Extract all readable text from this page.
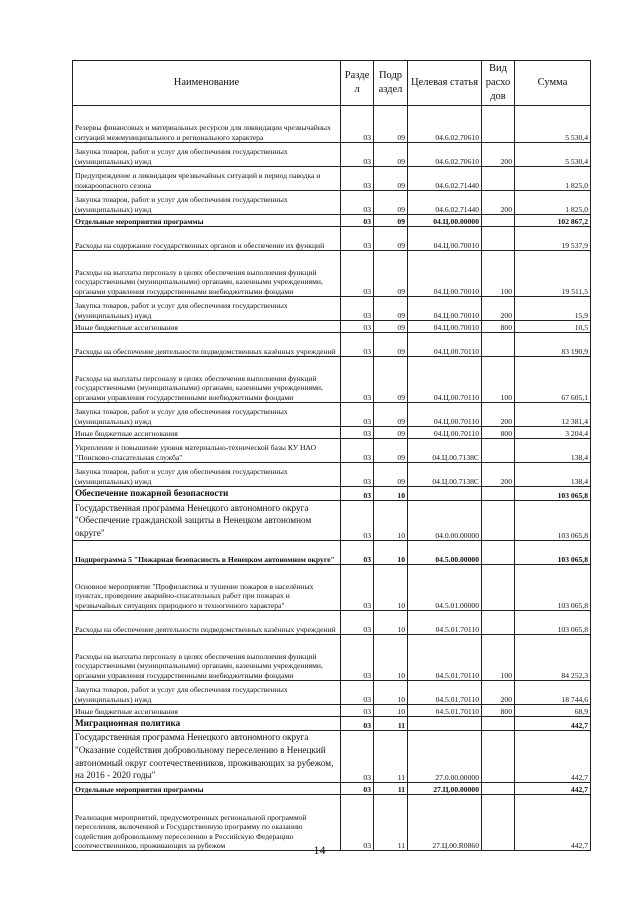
Наименование	Разде л	Подр аздел	Целевая статья	Вид расхо дов	Сумма
Резервы финансовых и материальных ресурсов для ликвидации чрезвычайных ситуаций межмуниципального и регионального характера	03	09	04.6.02.70610		5 530,4
Закупка товаров, работ и услуг для обеспечения государственных (муниципальных) нужд	03	09	04.6.02.70610	200	5 530,4
Предупреждение и ликвидация чрезвычайных ситуаций в период паводка и пожароопасного сезона	03	09	04.6.02.71440		1 825,0
Закупка товаров, работ и услуг для обеспечения государственных (муниципальных) нужд	03	09	04.6.02.71440	200	1 825,0
Отдельные мероприятия программы	03	09	04.Ц.00.00000		102 867,2
Расходы на содержание государственных органов и обеспечение их функций	03	09	04.Ц.00.70010		19 537,9
Расходы на выплаты персоналу в целях обеспечения выполнения функций государственными (муниципальными) органами, казенными учреждениями, органами управления государственными внебюджетными фондами	03	09	04.Ц.00.70010	100	19 511,5
Закупка товаров, работ и услуг для обеспечения государственных (муниципальных) нужд	03	09	04.Ц.00.70010	200	15,9
Иные бюджетные ассигнования	03	09	04.Ц.00.70010	800	10,5
Расходы на обеспечение деятельности подведомственных казённых учреждений	03	09	04.Ц.00.70110		83 190,9
Расходы на выплаты персоналу в целях обеспечения выполнения функций государственными (муниципальными) органами, казенными учреждениями, органами управления государственными внебюджетными фондами	03	09	04.Ц.00.70110	100	67 605,1
Закупка товаров, работ и услуг для обеспечения государственных (муниципальных) нужд	03	09	04.Ц.00.70110	200	12 381,4
Иные бюджетные ассигнования	03	09	04.Ц.00.70110	800	3 204,4
Укрепление и повышение уровня материально-технической базы КУ НАО "Поисково-спасательная служба"	03	09	04.Ц.00.7138С		138,4
Закупка товаров, работ и услуг для обеспечения государственных (муниципальных) нужд	03	09	04.Ц.00.7138С	200	138,4
Обеспечение пожарной безопасности	03	10			103 065,8
Государственная программа Ненецкого автономного округа "Обеспечение гражданской защиты в Ненецком автономном округе"	03	10	04.0.00.00000		103 065,8
Подпрограмма 5 "Пожарная безопасность в Ненецком автономном округе"	03	10	04.5.00.00000		103 065,8
Основное мероприятие "Профилактика и тушение пожаров в населённых пунктах, проведение аварийно-спасательных работ при пожарах и чрезвычайных ситуациях природного и техногенного характера"	03	10	04.5.01.00000		103 065,8
Расходы на обеспечение деятельности подведомственных казённых учреждений	03	10	04.5.01.70110		103 065,8
Расходы на выплаты персоналу в целях обеспечения выполнения функций государственными (муниципальными) органами, казенными учреждениями, органами управления государственными внебюджетными фондами	03	10	04.5.01.70110	100	84 252,3
Закупка товаров, работ и услуг для обеспечения государственных (муниципальных) нужд	03	10	04.5.01.70110	200	18 744,6
Иные бюджетные ассигнования	03	10	04.5.01.70110	800	68,9
Миграционная политика	03	11			442,7
Государственная программа Ненецкого автономного округа "Оказание содействия добровольному переселению в Ненецкий автономный округ соотечественников, проживающих за рубежом, на 2016 - 2020 годы"	03	11	27.0.00.00000		442,7
Отдельные мероприятия программы	03	11	27.Ц.00.00000		442,7
Реализация мероприятий, предусмотренных региональной программой переселения, включенной в Государственную программу по оказанию содействия добровольному переселению в Российскую Федерацию соотечественников, проживающих за рубежом	03	11	27.Ц.00.R0860		442,7
14
